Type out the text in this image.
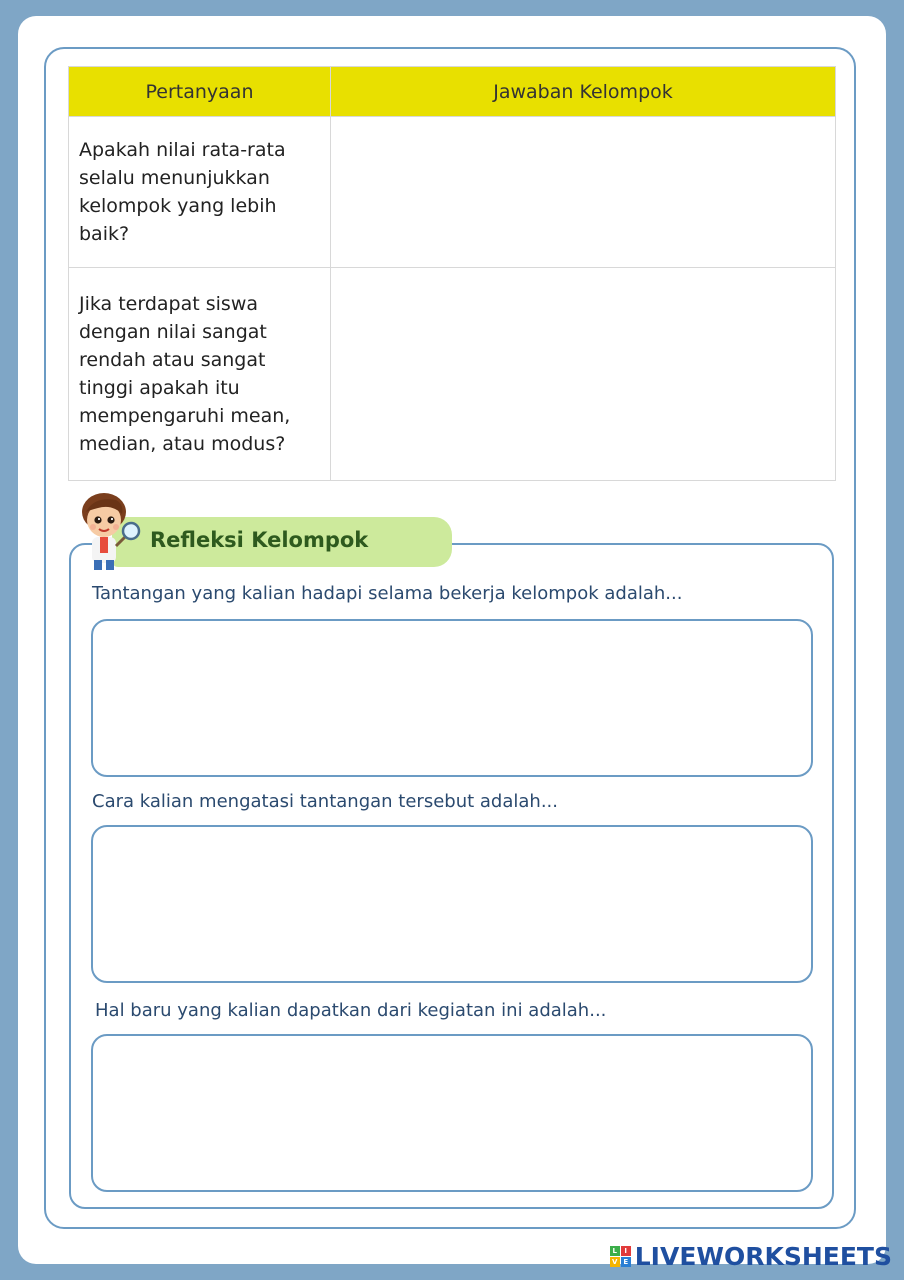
Pertanyaan	Jawaban Kelompok
Apakah nilai rata-rata selalu menunjukkan kelompok yang lebih baik?	
Jika terdapat siswa dengan nilai sangat rendah atau sangat tinggi apakah itu mempengaruhi mean, median, atau modus?	
Refleksi Kelompok
Tantangan yang kalian hadapi selama bekerja kelompok adalah...
Cara kalian mengatasi tantangan tersebut adalah...
Hal baru yang kalian dapatkan dari kegiatan ini adalah...
L	I
V E LIVEWORKSHEETS
